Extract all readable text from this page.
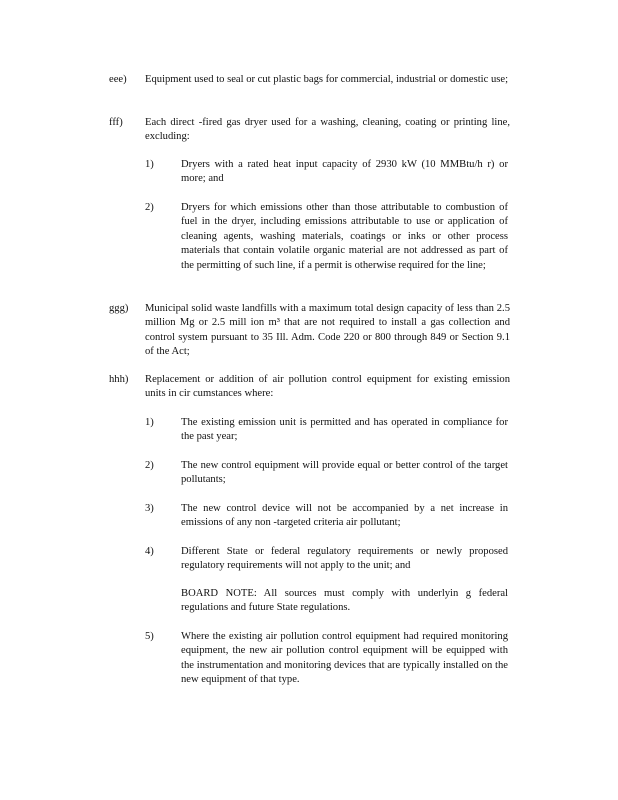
eee) Equipment used to seal or cut plastic bags for commercial, industrial or domestic use;
fff) Each direct -fired gas dryer used for a washing, cleaning, coating or printing line, excluding:
1)	Dryers with a rated heat input capacity of 2930 kW (10 MMBtu/h r) or more; and
2)	Dryers for which emissions other than those attributable to combustion of fuel in the dryer, including emissions attributable to use or application of cleaning agents, washing materials, coatings or inks or other process materials that contain volatile organic material are not addressed as part of the permitting of such line, if a permit is otherwise required for the line;
ggg) Municipal solid waste landfills with a maximum total design capacity of less than 2.5 million Mg or 2.5 mill ion m³ that are not required to install a gas collection and control system pursuant to 35 Ill. Adm. Code 220 or 800 through 849 or Section 9.1 of the Act;
hhh) Replacement or addition of air pollution control equipment for existing emission units in cir cumstances where:
1)	The existing emission unit is permitted and has operated in compliance for the past year;
2)	The new control equipment will provide equal or better control of the target pollutants;
3)	The new control device will not be accompanied by a net increase in emissions of any non -targeted criteria air pollutant;
4)	Different State or federal regulatory requirements or newly proposed regulatory requirements will not apply to the unit; and
BOARD NOTE: All sources must comply with underlyin g federal regulations and future State regulations.
5)	Where the existing air pollution control equipment had required monitoring equipment, the new air pollution control equipment will be equipped with the instrumentation and monitoring devices that are typically installed on the new equipment of that type.
